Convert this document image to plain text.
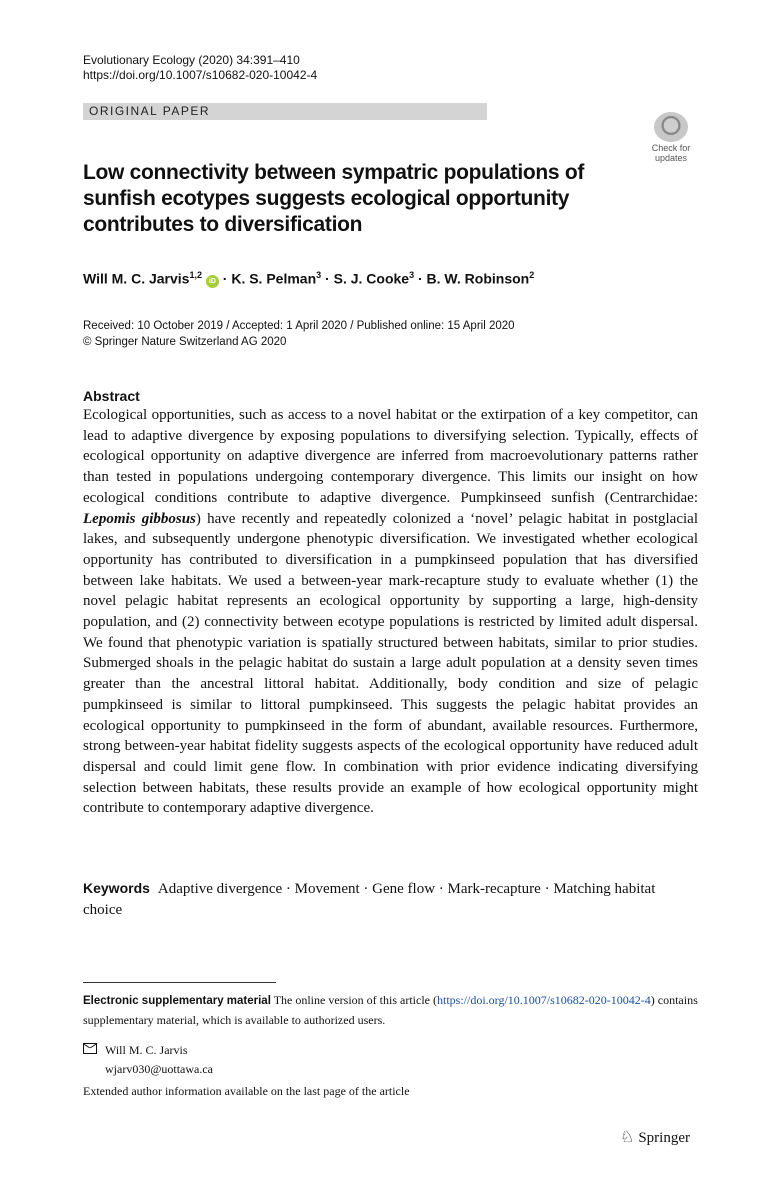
Evolutionary Ecology (2020) 34:391–410
https://doi.org/10.1007/s10682-020-10042-4
ORIGINAL PAPER
Check for updates
Low connectivity between sympatric populations of sunfish ecotypes suggests ecological opportunity contributes to diversification
Will M. C. Jarvis$^{1,2}$ iD · K. S. Pelman$^3$ · S. J. Cooke$^3$ · B. W. Robinson$^2$
Received: 10 October 2019 / Accepted: 1 April 2020 / Published online: 15 April 2020
© Springer Nature Switzerland AG 2020
Abstract
Ecological opportunities, such as access to a novel habitat or the extirpation of a key competitor, can lead to adaptive divergence by exposing populations to diversifying selection. Typically, effects of ecological opportunity on adaptive divergence are inferred from macroevolutionary patterns rather than tested in populations undergoing contemporary divergence. This limits our insight on how ecological conditions contribute to adaptive divergence. Pumpkinseed sunfish (Centrarchidae: Lepomis gibbosus) have recently and repeatedly colonized a ‘novel’ pelagic habitat in postglacial lakes, and subsequently undergone phenotypic diversification. We investigated whether ecological opportunity has contributed to diversification in a pumpkinseed population that has diversified between lake habitats. We used a between-year mark-recapture study to evaluate whether (1) the novel pelagic habitat represents an ecological opportunity by supporting a large, high-density population, and (2) connectivity between ecotype populations is restricted by limited adult dispersal. We found that phenotypic variation is spatially structured between habitats, similar to prior studies. Submerged shoals in the pelagic habitat do sustain a large adult population at a density seven times greater than the ancestral littoral habitat. Additionally, body condition and size of pelagic pumpkinseed is similar to littoral pumpkinseed. This suggests the pelagic habitat provides an ecological opportunity to pumpkinseed in the form of abundant, available resources. Furthermore, strong between-year habitat fidelity suggests aspects of the ecological opportunity have reduced adult dispersal and could limit gene flow. In combination with prior evidence indicating diversifying selection between habitats, these results provide an example of how ecological opportunity might contribute to contemporary adaptive divergence.
Keywords Adaptive divergence · Movement · Gene flow · Mark-recapture · Matching habitat choice
Electronic supplementary material The online version of this article (https://doi.org/10.1007/s10682-020-10042-4) contains supplementary material, which is available to authorized users.
Will M. C. Jarvis
wjarv030@uottawa.ca
Extended author information available on the last page of the article
♘ Springer
